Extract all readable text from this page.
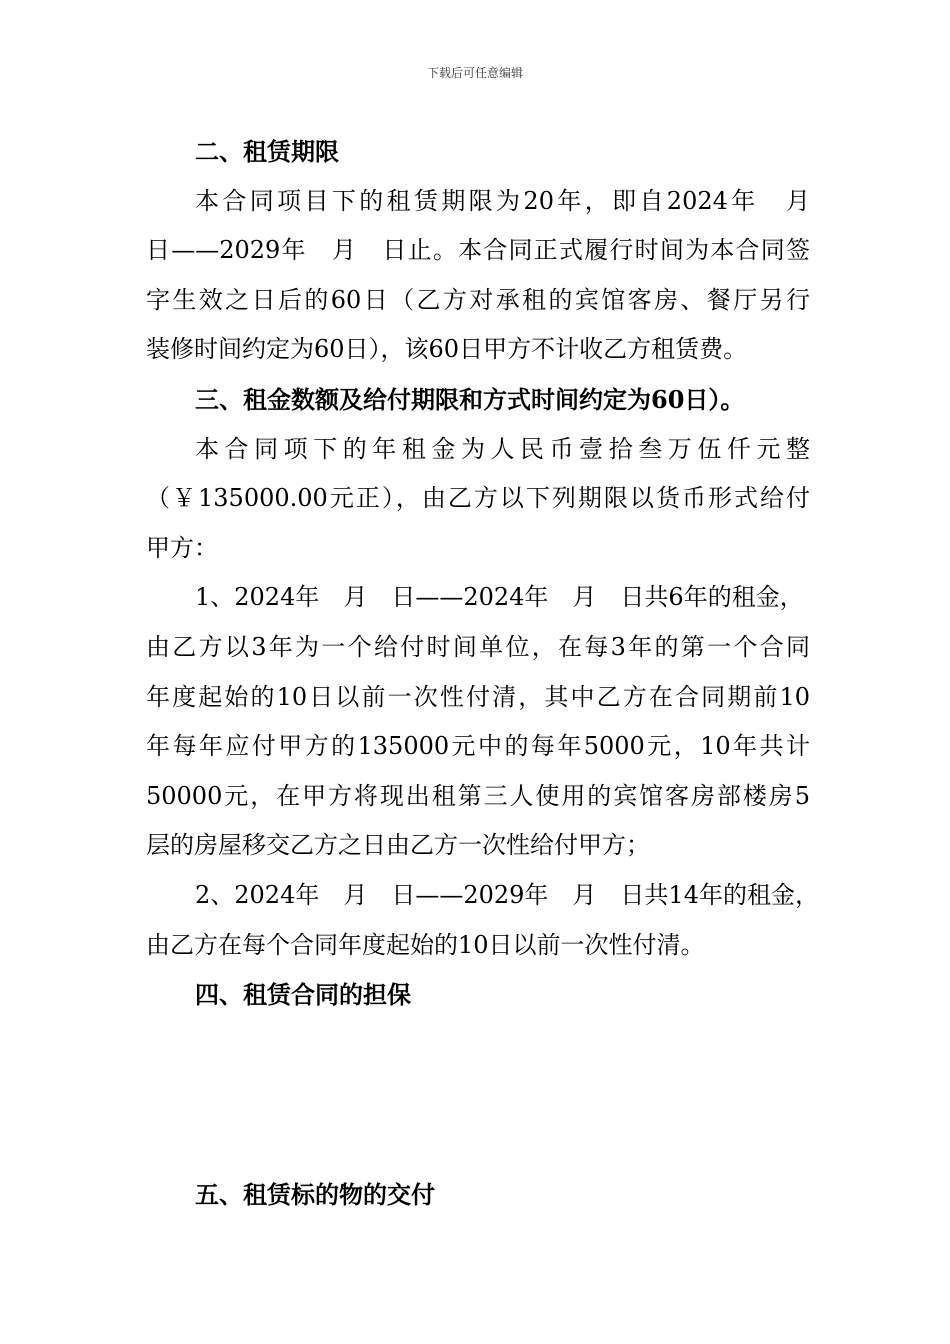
下载后可任意编辑
二、租赁期限
本合同项目下的租赁期限为20年，即自2024年　月
日——2029年　月　日止。本合同正式履行时间为本合同签
字生效之日后的60日（乙方对承租的宾馆客房、餐厅另行
装修时间约定为60日），该60日甲方不计收乙方租赁费。
三、租金数额及给付期限和方式时间约定为60日）。
本合同项下的年租金为人民币壹拾叁万伍仟元整
（￥135000.00元正），由乙方以下列期限以货币形式给付
甲方：
1、2024年　月　日——2024年　月　日共6年的租金，
由乙方以3年为一个给付时间单位，在每3年的第一个合同
年度起始的10日以前一次性付清，其中乙方在合同期前10
年每年应付甲方的135000元中的每年5000元，10年共计
50000元，在甲方将现出租第三人使用的宾馆客房部楼房5
层的房屋移交乙方之日由乙方一次性给付甲方；
2、2024年　月　日——2029年　月　日共14年的租金，
由乙方在每个合同年度起始的10日以前一次性付清。
四、租赁合同的担保
五、租赁标的物的交付
